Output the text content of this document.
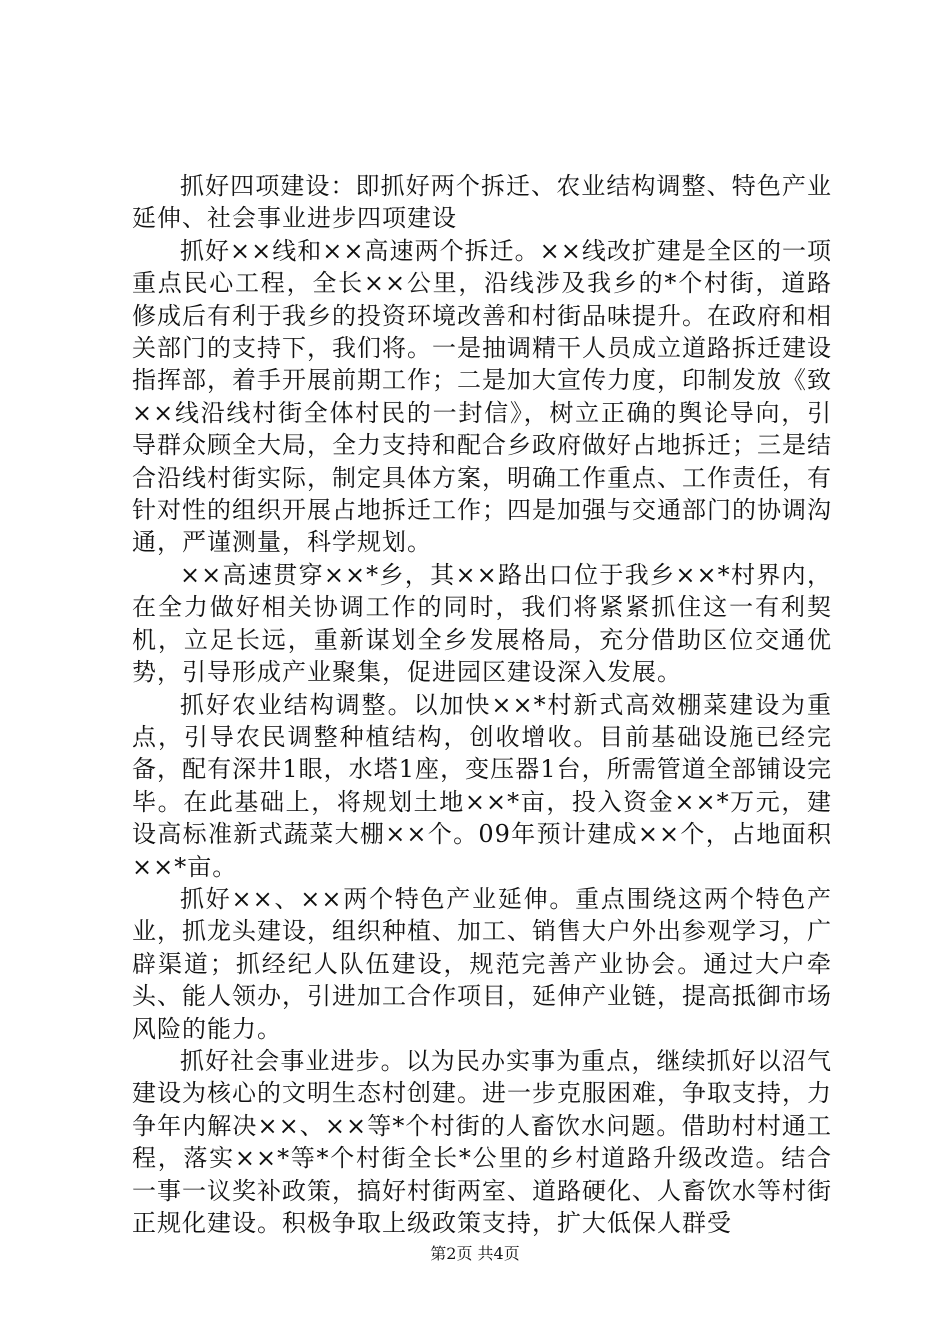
抓好四项建设：即抓好两个拆迁、农业结构调整、特色产业延伸、社会事业进步四项建设

抓好××线和××高速两个拆迁。××线改扩建是全区的一项重点民心工程，全长××公里，沿线涉及我乡的*个村街，道路修成后有利于我乡的投资环境改善和村街品味提升。在政府和相关部门的支持下，我们将。一是抽调精干人员成立道路拆迁建设指挥部，着手开展前期工作；二是加大宣传力度，印制发放《致××线沿线村街全体村民的一封信》，树立正确的舆论导向，引导群众顾全大局，全力支持和配合乡政府做好占地拆迁；三是结合沿线村街实际，制定具体方案，明确工作重点、工作责任，有针对性的组织开展占地拆迁工作；四是加强与交通部门的协调沟通，严谨测量，科学规划。

××高速贯穿××*乡，其××路出口位于我乡××*村界内，在全力做好相关协调工作的同时，我们将紧紧抓住这一有利契机，立足长远，重新谋划全乡发展格局，充分借助区位交通优势，引导形成产业聚集，促进园区建设深入发展。

抓好农业结构调整。以加快××*村新式高效棚菜建设为重点，引导农民调整种植结构，创收增收。目前基础设施已经完备，配有深井1眼，水塔1座，变压器1台，所需管道全部铺设完毕。在此基础上，将规划土地××*亩，投入资金××*万元，建设高标准新式蔬菜大棚××个。09年预计建成××个，占地面积××*亩。

抓好××、××两个特色产业延伸。重点围绕这两个特色产业，抓龙头建设，组织种植、加工、销售大户外出参观学习，广辟渠道；抓经纪人队伍建设，规范完善产业协会。通过大户牵头、能人领办，引进加工合作项目，延伸产业链，提高抵御市场风险的能力。

抓好社会事业进步。以为民办实事为重点，继续抓好以沼气建设为核心的文明生态村创建。进一步克服困难，争取支持，力争年内解决××、××等*个村街的人畜饮水问题。借助村村通工程，落实××*等*个村街全长*公里的乡村道路升级改造。结合一事一议奖补政策，搞好村街两室、道路硬化、人畜饮水等村街正规化建设。积极争取上级政策支持，扩大低保人群受

第2页 共4页
